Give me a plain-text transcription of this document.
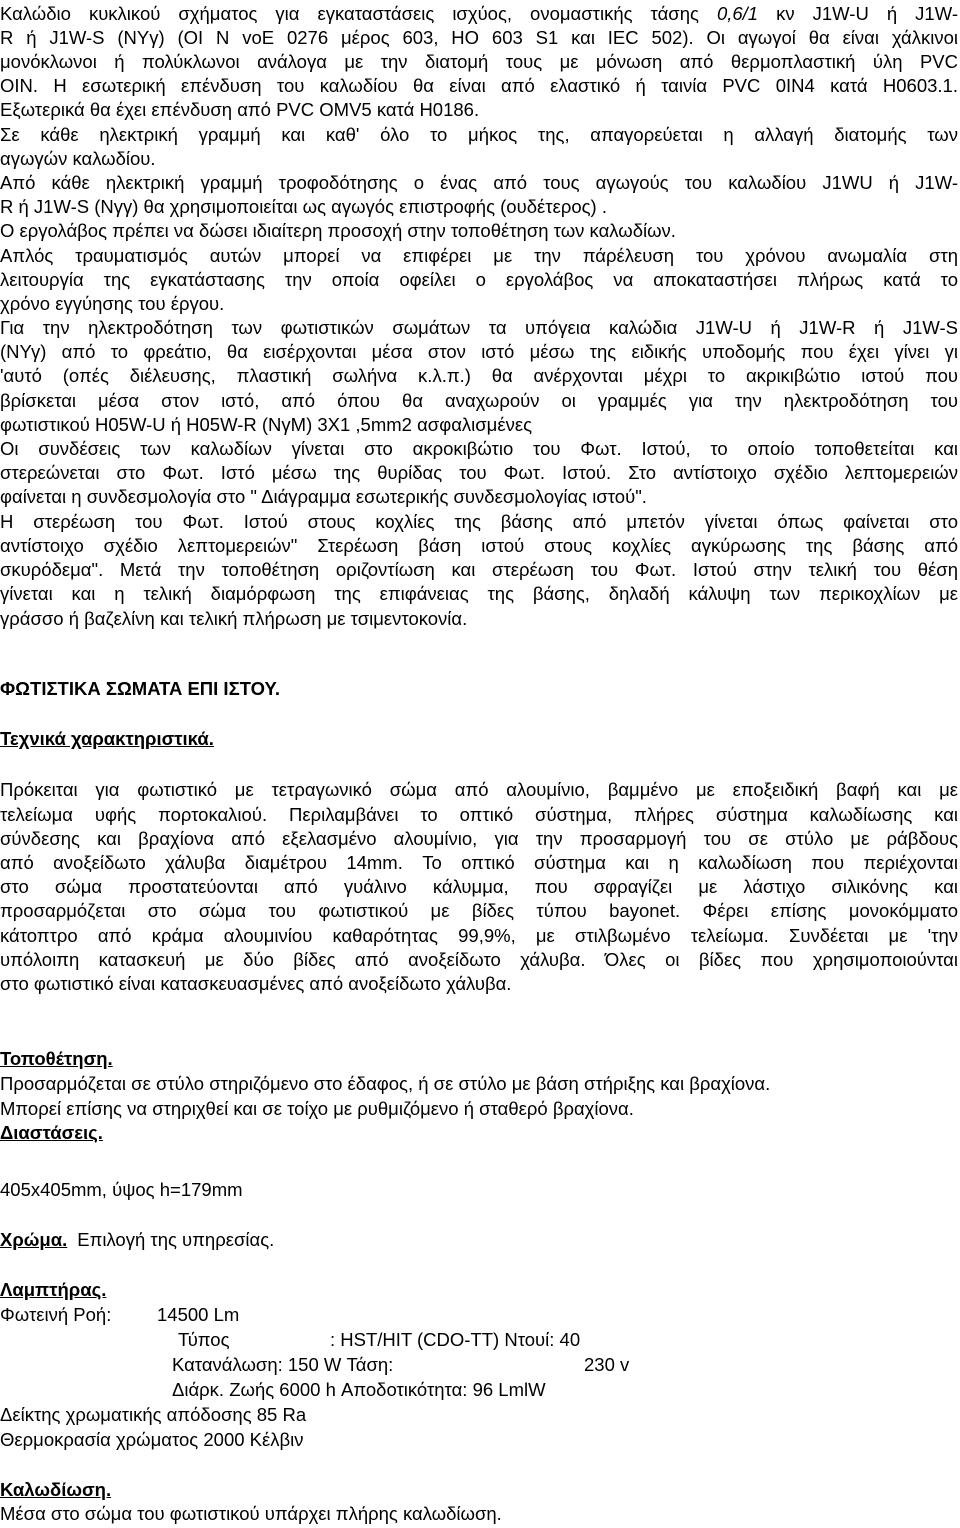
Καλώδιο κυκλικού σχήματος για εγκαταστάσεις ισχύος, ονομαστικής τάσης 0,6/1 κν J1W-U ή J1W-
R ή J1W-S (NYγ) (OI N voE 0276 μέρος 603, HO 603 S1 και IEC 502). Οι αγωγοί θα είναι χάλκινοι
μονόκλωνοι ή πολύκλωνοι ανάλογα με την διατομή τους με μόνωση από θερμοπλαστική ύλη PVC
OIN. Η εσωτερική επένδυση του καλωδίου θα είναι από ελαστικό ή ταινία PVC 0IN4 κατά H0603.1.
Εξωτερικά θα έχει επένδυση από PVC OMV5 κατά H0186.
Σε κάθε ηλεκτρική γραμμή και καθ' όλο το μήκος της, απαγορεύεται η αλλαγή διατομής των
αγωγών καλωδίου.
Από κάθε ηλεκτρική γραμμή τροφοδότησης ο ένας από τους αγωγούς του καλωδίου J1WU ή J1W-
R ή J1W-S (Nγγ) θα χρησιμοποιείται ως αγωγός επιστροφής (ουδέτερος) .
Ο εργολάβος πρέπει να δώσει ιδιαίτερη προσοχή στην τοποθέτηση των καλωδίων.
Απλός τραυματισμός αυτών μπορεί να επιφέρει με την πάρέλευση του χρόνου ανωμαλία στη
λειτουργία της εγκατάστασης την οποία οφείλει ο εργολάβος να αποκαταστήσει πλήρως κατά το
χρόνο εγγύησης του έργου.
Για την ηλεκτροδότηση των φωτιστικών σωμάτων τα υπόγεια καλώδια J1W-U ή J1W-R ή J1W-S
(NΥγ) από το φρεάτιο, θα εισέρχονται μέσα στον ιστό μέσω της ειδικής υποδομής που έχει γίνει γι
'αυτό (οπές διέλευσης, πλαστική σωλήνα κ.λ.π.) θα ανέρχονται μέχρι το ακρικιβώτιο ιστού που
βρίσκεται μέσα στον ιστό, από όπου θα αναχωρούν οι γραμμές για την ηλεκτροδότηση του
φωτιστικού H05W-U ή H05W-R (NγΜ) 3X1 ,5mm2 ασφαλισμένες
Οι συνδέσεις των καλωδίων γίνεται στο ακροκιβώτιο του Φωτ. Ιστού, το οποίο τοποθετείται και
στερεώνεται στο Φωτ. Ιστό μέσω της θυρίδας του Φωτ. Ιστού. Στο αντίστοιχο σχέδιο λεπτομερειών
φαίνεται η συνδεσμολογία στο " Διάγραμμα εσωτερικής συνδεσμολογίας ιστού".
Η στερέωση του Φωτ. Ιστού στους κοχλίες της βάσης από μπετόν γίνεται όπως φαίνεται στο
αντίστοιχο σχέδιο λεπτομερειών" Στερέωση βάση ιστού στους κοχλίες αγκύρωσης της βάσης από
σκυρόδεμα". Μετά την τοποθέτηση οριζοντίωση και στερέωση του Φωτ. Ιστού στην τελική του θέση
γίνεται και η τελική διαμόρφωση της επιφάνειας της βάσης, δηλαδή κάλυψη των περικοχλίων με
γράσσο ή βαζελίνη και τελική πλήρωση με τσιμεντοκονία.
ΦΩΤΙΣΤΙΚΑ ΣΩΜΑΤΑ ΕΠΙ ΙΣΤΟΥ.
Τεχνικά χαρακτηριστικά.
Πρόκειται για φωτιστικό με τετραγωνικό σώμα από αλουμίνιο, βαμμένο με εποξειδική βαφή και με
τελείωμα υφής πορτοκαλιού. Περιλαμβάνει το οπτικό σύστημα, πλήρες σύστημα καλωδίωσης και
σύνδεσης και βραχίονα από εξελασμένο αλουμίνιο, για την προσαρμογή του σε στύλο με ράβδους
από ανοξείδωτο χάλυβα διαμέτρου 14mm. Το οπτικό σύστημα και η καλωδίωση που περιέχονται
στο σώμα προστατεύονται από γυάλινο κάλυμμα, που σφραγίζει με λάστιχο σιλικόνης και
προσαρμόζεται στο σώμα του φωτιστικού με βίδες τύπου bayonet. Φέρει επίσης μονοκόμματο
κάτοπτρο από κράμα αλουμινίου καθαρότητας 99,9%, με στιλβωμένο τελείωμα. Συνδέεται με 'την
υπόλοιπη κατασκευή με δύο βίδες από ανοξείδωτο χάλυβα. Όλες οι βίδες που χρησιμοποιούνται
στο φωτιστικό είναι κατασκευασμένες από ανοξείδωτο χάλυβα.
Τοποθέτηση.
Προσαρμόζεται σε στύλο στηριζόμενο στο έδαφος, ή σε στύλο με βάση στήριξης και βραχίονα.
Μπορεί επίσης να στηριχθεί και σε τοίχο με ρυθμιζόμενο ή σταθερό βραχίονα.
Διαστάσεις.
405x405mm, ύψος h=179mm
Χρώμα. Επιλογή της υπηρεσίας.
Λαμπτήρας.
Φωτεινή Ροή: 14500 Lm
Τύπος	: HST/HIT (CDO-TT) Ντουί: 40
Κατανάλωση: 150 W Τάση:	230 v
Διάρκ. Ζωής 6000 h Αποδοτικότητα: 96 LmlW
Δείκτης χρωματικής απόδοσης 85 Ra
Θερμοκρασία χρώματος 2000 Κέλβιν
Καλωδίωση.
Μέσα στο σώμα του φωτιστικού υπάρχει πλήρης καλωδίωση.
